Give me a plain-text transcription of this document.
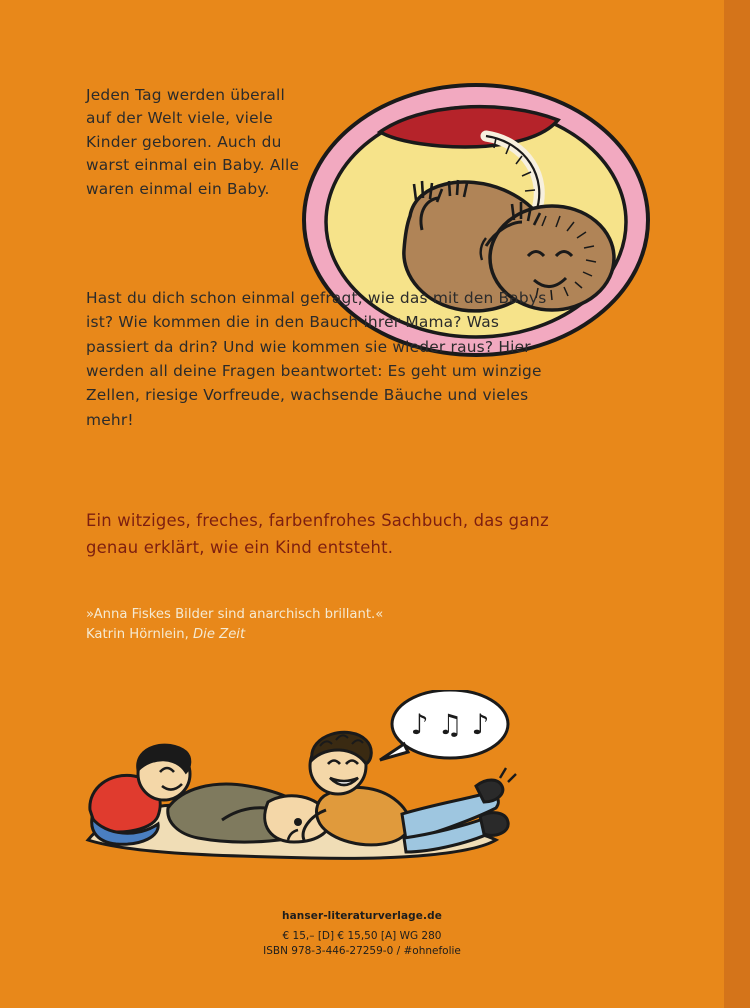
Jeden Tag werden überall auf der Welt viele, viele Kinder geboren. Auch du warst einmal ein Baby. Alle waren einmal ein Baby.
Hast du dich schon einmal gefragt, wie das mit den Babys ist? Wie kommen die in den Bauch ihrer Mama? Was passiert da drin? Und wie kommen sie wieder raus? Hier werden all deine Fragen beantwortet: Es geht um winzige Zellen, riesige Vorfreude, wachsende Bäuche und vieles mehr!
Ein witziges, freches, farbenfrohes Sachbuch, das ganz genau erklärt, wie ein Kind entsteht.
»Anna Fiskes Bilder sind anarchisch brillant.«
Katrin Hörnlein, Die Zeit
♪ ♫ ♪
hanser-literaturverlage.de
€ 15,– [D] € 15,50 [A] WG 280
ISBN 978-3-446-27259-0 / #ohnefolie
